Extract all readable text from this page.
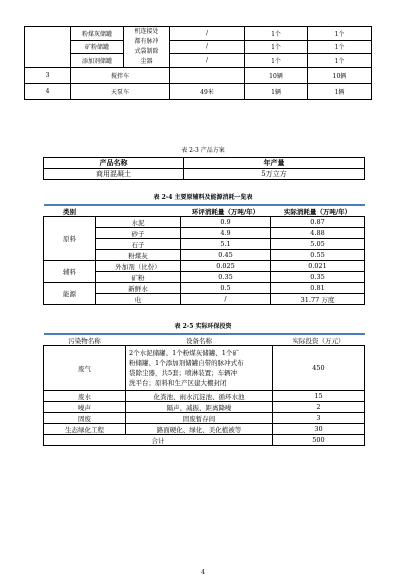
	粉煤灰储罐	机连接处
都有脉冲
式袋制除
尘器	/	1个	1个
	矿粉储罐		/	1个	1个
	添加剂储罐		/	1个	1个
3	搅拌车			10辆	10辆
4	天泵车		49米	1辆	1辆
表 2-3 产品方案
产品名称	年产量
商用混凝土	5万立方
表 2-4 主要原辅料及能源消耗一览表
类别		环评消耗量（万吨/年）	实际消耗量（万吨/年）
原料	水泥	0.9	0.87
	砂子	4.9	4.88
	石子	5.1	5.05
	粉煤灰	0.45	0.55
辅料	外加剂（比份）	0.025	0.021
	矿粉	0.35	0.35
能源	新鲜水	0.5	0.81
	电	/	31.77 万度
表 2-5 实际环保投资
污染物名称	设备名称	实际投资（万元）
废气	2个水泥储罐、1个粉煤灰储罐、1个矿
粉储罐、1个添加剂储罐自带的脉冲式布
袋除尘器，共5套；喷淋装置；车辆冲
洗平台；原料和生产区建大棚封闭	450
废水	化粪池、雨水沉淀池、循环水池	15
噪声	隔声、减振、距离降噪	2
固废	固废暂存间	3
生态绿化工程	路面硬化、绿化、美化植被等	30
合计		500
4
